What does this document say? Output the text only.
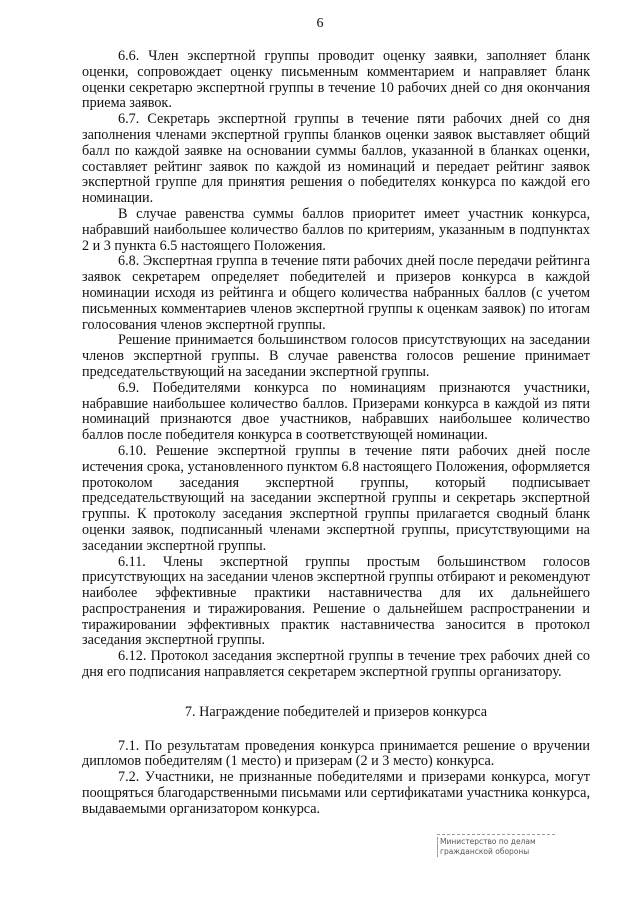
6

6.6. Член экспертной группы проводит оценку заявки, заполняет бланк оценки, сопровождает оценку письменным комментарием и направляет бланк оценки секретарю экспертной группы в течение 10 рабочих дней со дня окончания приема заявок.

6.7. Секретарь экспертной группы в течение пяти рабочих дней со дня заполнения членами экспертной группы бланков оценки заявок выставляет общий балл по каждой заявке на основании суммы баллов, указанной в бланках оценки, составляет рейтинг заявок по каждой из номинаций и передает рейтинг заявок экспертной группе для принятия решения о победителях конкурса по каждой его номинации.

В случае равенства суммы баллов приоритет имеет участник конкурса, набравший наибольшее количество баллов по критериям, указанным в подпунктах 2 и 3 пункта 6.5 настоящего Положения.

6.8. Экспертная группа в течение пяти рабочих дней после передачи рейтинга заявок секретарем определяет победителей и призеров конкурса в каждой номинации исходя из рейтинга и общего количества набранных баллов (с учетом письменных комментариев членов экспертной группы к оценкам заявок) по итогам голосования членов экспертной группы.

Решение принимается большинством голосов присутствующих на заседании членов экспертной группы. В случае равенства голосов решение принимает председательствующий на заседании экспертной группы.

6.9. Победителями конкурса по номинациям признаются участники, набравшие наибольшее количество баллов. Призерами конкурса в каждой из пяти номинаций признаются двое участников, набравших наибольшее количество баллов после победителя конкурса в соответствующей номинации.

6.10. Решение экспертной группы в течение пяти рабочих дней после истечения срока, установленного пунктом 6.8 настоящего Положения, оформляется протоколом заседания экспертной группы, который подписывает председательствующий на заседании экспертной группы и секретарь экспертной группы. К протоколу заседания экспертной группы прилагается сводный бланк оценки заявок, подписанный членами экспертной группы, присутствующими на заседании экспертной группы.

6.11. Члены экспертной группы простым большинством голосов присутствующих на заседании членов экспертной группы отбирают и рекомендуют наиболее эффективные практики наставничества для их дальнейшего распространения и тиражирования. Решение о дальнейшем распространении и тиражировании эффективных практик наставничества заносится в протокол заседания экспертной группы.

6.12. Протокол заседания экспертной группы в течение трех рабочих дней со дня его подписания направляется секретарем экспертной группы организатору.

7. Награждение победителей и призеров конкурса

7.1. По результатам проведения конкурса принимается решение о вручении дипломов победителям (1 место) и призерам (2 и 3 место) конкурса.

7.2. Участники, не признанные победителями и призерами конкурса, могут поощряться благодарственными письмами или сертификатами участника конкурса, выдаваемыми организатором конкурса.

Министерство по делам
гражданской обороны
